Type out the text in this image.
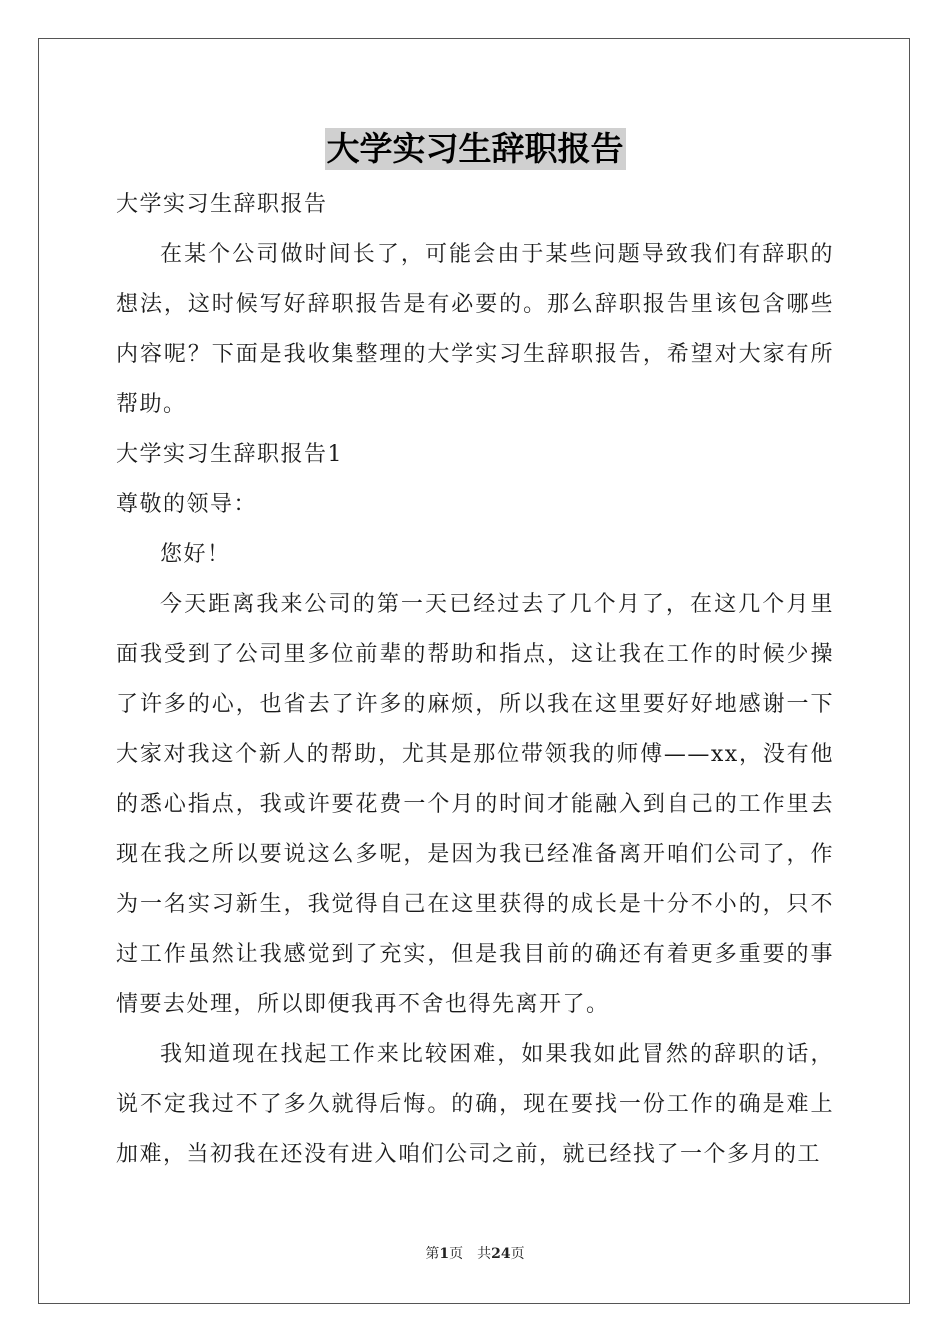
大学实习生辞职报告

大学实习生辞职报告

在某个公司做时间长了，可能会由于某些问题导致我们有辞职的想法，这时候写好辞职报告是有必要的。那么辞职报告里该包含哪些内容呢？下面是我收集整理的大学实习生辞职报告，希望对大家有所帮助。

大学实习生辞职报告1

尊敬的领导：

您好！

今天距离我来公司的第一天已经过去了几个月了，在这几个月里面我受到了公司里多位前辈的帮助和指点，这让我在工作的时候少操了许多的心，也省去了许多的麻烦，所以我在这里要好好地感谢一下大家对我这个新人的帮助，尤其是那位带领我的师傅——xx，没有他的悉心指点，我或许要花费一个月的时间才能融入到自己的工作里去现在我之所以要说这么多呢，是因为我已经准备离开咱们公司了，作为一名实习新生，我觉得自己在这里获得的成长是十分不小的，只不过工作虽然让我感觉到了充实，但是我目前的确还有着更多重要的事情要去处理，所以即便我再不舍也得先离开了。

我知道现在找起工作来比较困难，如果我如此冒然的辞职的话，说不定我过不了多久就得后悔。的确，现在要找一份工作的确是难上加难，当初我在还没有进入咱们公司之前，就已经找了一个多月的工

第1页 共24页
